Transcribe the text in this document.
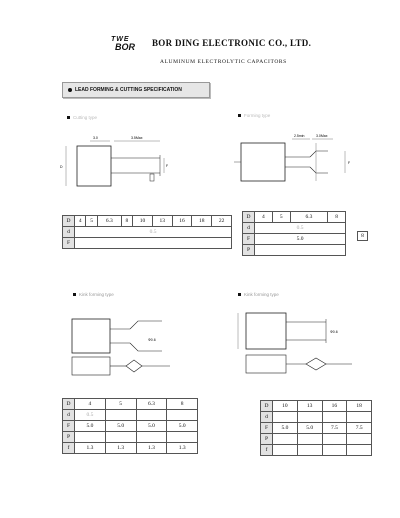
TWE
BOR	BOR DING ELECTRONIC CO., LTD.
ALUMINUM ELECTROLYTIC CAPACITORS
LEAD FORMING & CUTTING SPECIFICATION
Cutting type	Forming type
Kink forming type	Kink forming type
3.0	3.5Max
F
D
2.5min	3.0Max
F
D	4	5	6.3	8	10	13	16	18	22
d	0.5								
F									
D	4	5	6.3	8
d	0.5			
F	5.0			
P				
8
Φ0.6
Φ0.6
D	4	5	6.3	8
d	0.5			
F	5.0	5.0	5.0	5.0
P				
f	1.3	1.3	1.3	1.3
D	10	13	16	18
d				
F	5.0	5.0	7.5	7.5
P				
f				
